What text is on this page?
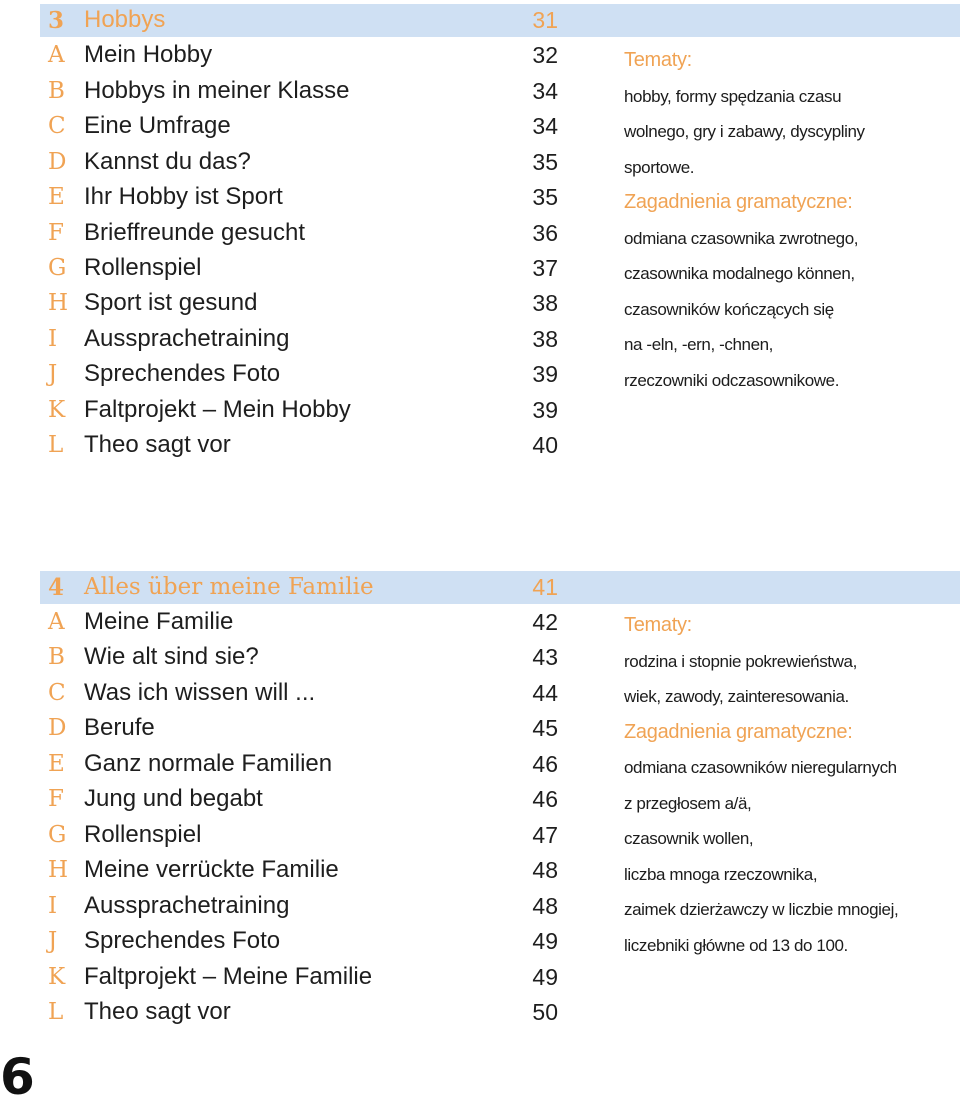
3 Hobbys	31
A Mein Hobby	32
B Hobbys in meiner Klasse	34
C Eine Umfrage	34
D Kannst du das?	35
E Ihr Hobby ist Sport	35
F Brieffreunde gesucht	36
G Rollenspiel	37
H Sport ist gesund	38
I	Aussprachetraining	38
J	Sprechendes Foto	39
K Faltprojekt – Mein Hobby	39
L Theo sagt vor	40
Tematy:
hobby, formy spędzania czasu
wolnego, gry i zabawy, dyscypliny
sportowe.
Zagadnienia gramatyczne:
odmiana czasownika zwrotnego,
czasownika modalnego können,
czasowników kończących się
na -eln, -ern, -chnen,
rzeczowniki odczasownikowe.
4 Alles über meine Familie	41
A Meine Familie	42
B Wie alt sind sie?	43
C Was ich wissen will ...	44
D Berufe	45
E Ganz normale Familien	46
F Jung und begabt	46
G Rollenspiel	47
H Meine verrückte Familie	48
I	Aussprachetraining	48
J	Sprechendes Foto	49
K Faltprojekt – Meine Familie	49
L Theo sagt vor	50
Tematy:
rodzina i stopnie pokrewieństwa,
wiek, zawody, zainteresowania.
Zagadnienia gramatyczne:
odmiana czasowników nieregularnych
z przegłosem a/ä,
czasownik wollen,
liczba mnoga rzeczownika,
zaimek dzierżawczy w liczbie mnogiej,
liczebniki główne od 13 do 100.
6
